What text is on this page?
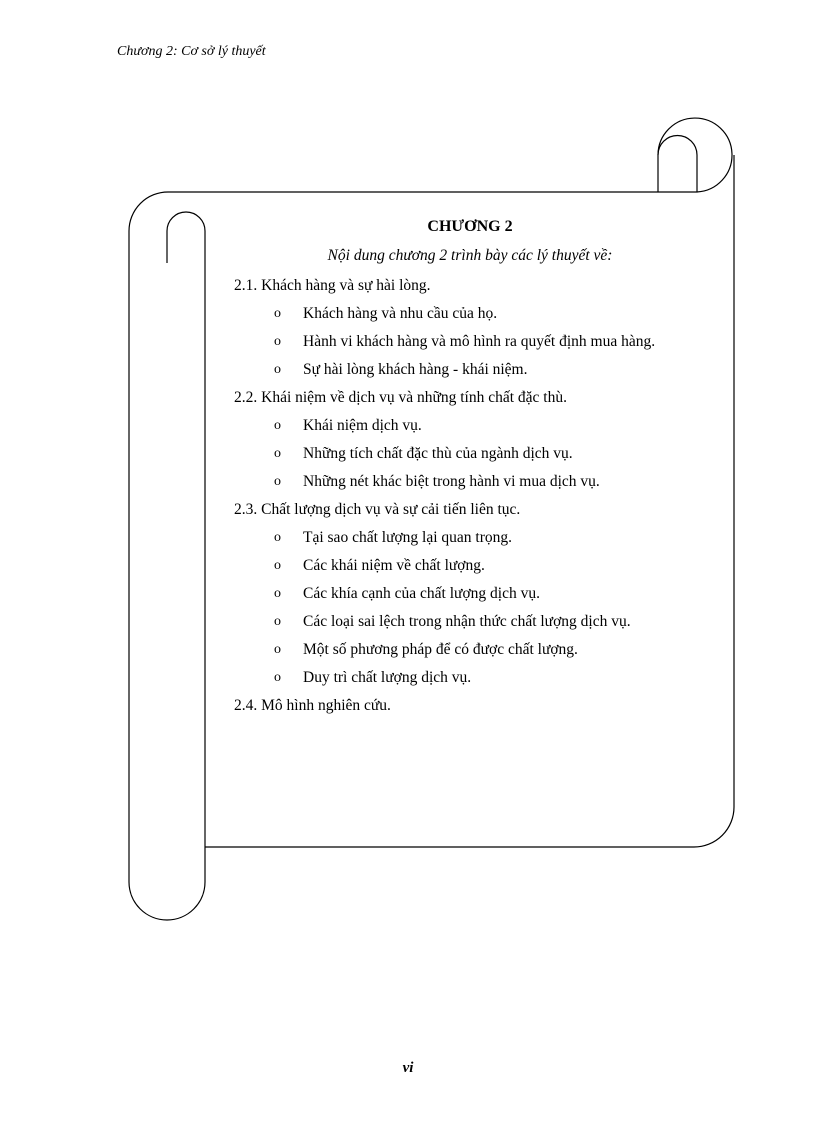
Chương 2: Cơ sở lý thuyết
CHƯƠNG 2
Nội dung chương 2 trình bày các lý thuyết về:
2.1. Khách hàng và sự hài lòng.
o Khách hàng và nhu cầu của họ.
o Hành vi khách hàng và mô hình ra quyết định mua hàng.
o Sự hài lòng khách hàng - khái niệm.
2.2. Khái niệm về dịch vụ và những tính chất đặc thù.
o Khái niệm dịch vụ.
o Những tích chất đặc thù của ngành dịch vụ.
o Những nét khác biệt trong hành vi mua dịch vụ.
2.3. Chất lượng dịch vụ và sự cải tiến liên tục.
o Tại sao chất lượng lại quan trọng.
o Các khái niệm về chất lượng.
o Các khía cạnh của chất lượng dịch vụ.
o Các loại sai lệch trong nhận thức chất lượng dịch vụ.
o Một số phương pháp để có được chất lượng.
o Duy trì chất lượng dịch vụ.
2.4. Mô hình nghiên cứu.
vi
